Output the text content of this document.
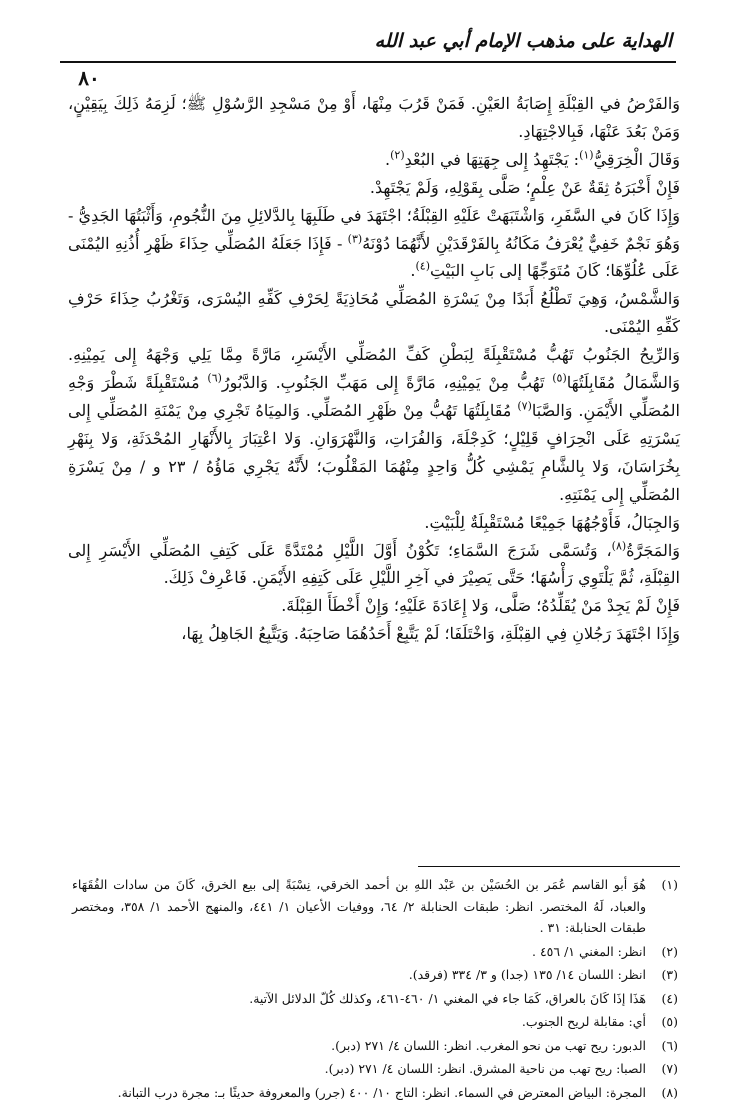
الهداية على مذهب الإمام أبي عبد الله
٨٠

وَالفَرْضُ في القِبْلَةِ إِصَابَةُ العَيْنِ. فَمَنْ قَرُبَ مِنْهَا، أَوْ مِنْ مَسْجِدِ الرَّسُوْلِ ﷺ؛ لَزِمَهُ ذَلِكَ بِيَقِيْنٍ، وَمَنْ بَعُدَ عَنْهَا، فَبِالاجْتِهَادِ.

وَقَالَ الْخِرَقِيُّ$^{(١)}$: يَجْتَهِدُ إِلى جِهَتِهَا في البُعْدِ$^{(٢)}$.

فَإِنْ أَخْبَرَهُ ثِقَةٌ عَنْ عِلْمٍ؛ صَلَّى بِقَوْلِهِ، وَلَمْ يَجْتَهِدْ.

وَإِذَا كَانَ في السَّفَرِ، وَاشْتَبَهَتْ عَلَيْهِ القِبْلَةُ؛ اجْتَهَدَ في طَلَبِهَا بِالدَّلائِلِ مِنَ النُّجُومِ، وَأَثْبَتُهَا الجَدِيُّ - وَهُوَ نَجْمٌ خَفِيٌّ يُعْرَفُ مَكَانُهُ بِالفَرْقَدَيْنِ لأَنَّهُمَا دُوْنَهُ$^{(٣)}$ - فَإِذَا جَعَلَهُ المُصَلِّي حِذَاءَ ظَهْرِ أُذُنِهِ اليُمْنَى عَلَى عُلُوِّهَا؛ كَانَ مُتَوَجِّهًا إلى بَابِ البَيْتِ$^{(٤)}$.

وَالشَّمْسُ، وَهِيَ تَطْلُعُ أَبَدًا مِنْ يَسْرَةِ المُصَلِّي مُحَاذِيَةً لِحَرْفِ كَفِّهِ اليُسْرَى، وَتَغْرُبُ حِذَاءَ حَرْفِ كَفِّهِ اليُمْنَى.

وَالرِّيحُ الجَنُوبُ تَهُبُّ مُسْتَقْبِلَةً لِبَطْنِ كَفِّ المُصَلِّي الأَيْسَرِ، مَارَّةً مِمَّا يَلِي وَجْهَهُ إِلى يَمِيْنِهِ. وَالشَّمَالُ مُقَابِلَتُهَا$^{(٥)}$ تَهُبُّ مِنْ يَمِيْنِهِ، مَارَّةً إِلى مَهَبِّ الجَنُوبِ. وَالدَّبُورُ$^{(٦)}$ مُسْتَقْبِلَةً شَطْرَ وَجْهِ المُصَلِّي الأَيْمَنِ. وَالصَّبَا$^{(٧)}$ مُقَابِلَتُهَا تَهُبُّ مِنْ ظَهْرِ المُصَلِّي. وَالمِيَاهُ تَجْرِي مِنْ يَمْنَةِ المُصَلِّي إِلى يَسْرَتِهِ عَلَى انْحِرَافٍ قَلِيْلٍ؛ كَدِجْلَةَ، وَالفُرَاتِ، وَالنَّهْرَوَانِ. وَلا اعْتِبَارَ بِالأَنْهَارِ المُحْدَثَةِ، وَلا بِنَهْرِ بِخُرَاسَانَ، وَلا بِالشَّامِ يَمْشِي كُلُّ وَاحِدٍ مِنْهُمَا المَقْلُوبَ؛ لأَنَّهُ يَجْرِي مَاؤُهُ / ٢٣ و / مِنْ يَسْرَةِ المُصَلِّي إِلى يَمْنَتِهِ.

وَالجِبَالُ، فَأَوْجُهُهَا جَمِيْعًا مُسْتَقْبِلَةٌ لِلْبَيْتِ.

وَالمَجَرَّةُ$^{(٨)}$، وَتُسَمَّى شَرَجَ السَّمَاءِ؛ تَكُوْنُ أَوَّلَ اللَّيْلِ مُمْتَدَّةً عَلَى كَتِفِ المُصَلِّي الأَيْسَرِ إِلى القِبْلَةِ، ثُمَّ يَلْتَوِي رَأْسُهَا؛ حَتَّى يَصِيْرَ في آخِرِ اللَّيْلِ عَلَى كَتِفِهِ الأَيْمَنِ. فَاعْرِفْ ذَلِكَ.

فَإِنْ لَمْ يَجِدْ مَنْ يُقَلِّدُهُ؛ صَلَّى، وَلا إِعَادَةَ عَلَيْهِ؛ وَإِنْ أَخْطَأَ القِبْلَةَ.

وَإِذَا اجْتَهَدَ رَجُلانِ فِي القِبْلَةِ، وَاخْتَلَفَا؛ لَمْ يَتَّبِعْ أَحَدُهُمَا صَاحِبَهُ. وَيَتَّبِعُ الجَاهِلُ بِهَا،

(١)هُوَ أبو القاسم عُمَر بن الحُسَيْن بن عَبْد اللهِ بن أحمد الخرقي، نِسْبَةً إلى بيع الخرق، كَانَ من سادات الفُقَهَاء والعباد، لَهُ المختصر. انظر: طبقات الحنابلة ٢/ ٦٤، ووفيات الأعيان ١/ ٤٤١، والمنهج الأحمد ١/ ٣٥٨، ومختصر طبقات الحنابلة: ٣١ .

(٢)انظر: المغني ١/ ٤٥٦ .

(٣)انظر: اللسان ١٤/ ١٣٥ (جدا) و ٣/ ٣٣٤ (فرقد).

(٤)هَذَا إذَا كَانَ بالعراق، كَمَا جاء في المغني ١/ ٤٦٠-٤٦١، وكذلك كُلّ الدلائل الآتية.

(٥)أي: مقابلة لريح الجنوب.

(٦)الدبور: ريح تهب من نحو المغرب. انظر: اللسان ٤/ ٢٧١ (دبر).

(٧)الصبا: ريح تهب من ناحية المشرق. انظر: اللسان ٤/ ٢٧١ (دبر).

(٨)المجرة: البياض المعترض في السماء. انظر: التاج ١٠/ ٤٠٠ (جرر) والمعروفة حديثًا بـ: مجرة درب التبانة.
